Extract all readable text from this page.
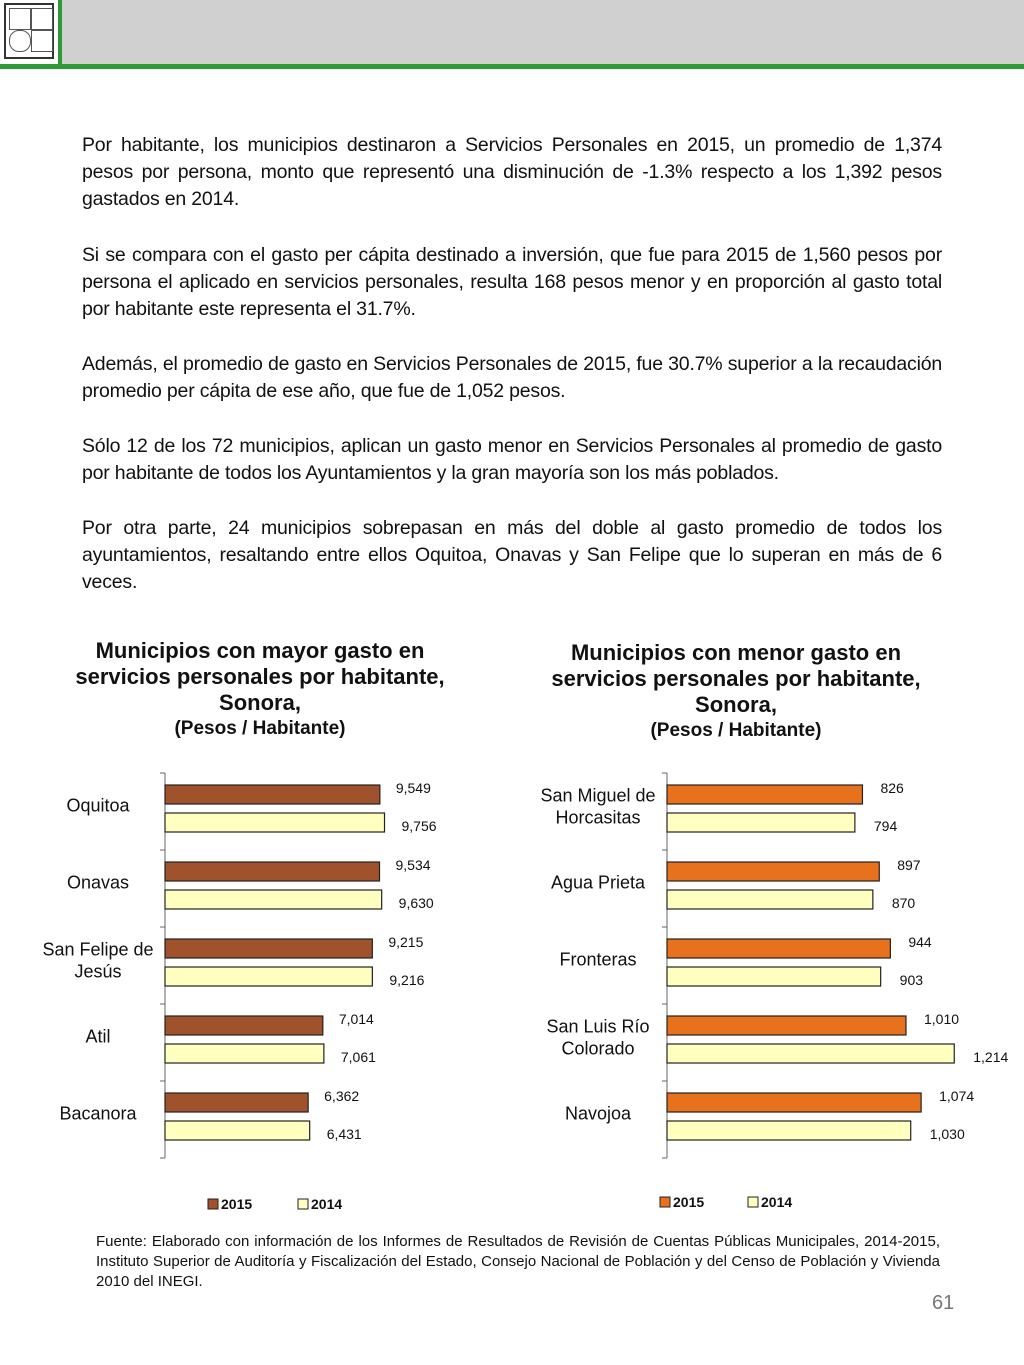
Por habitante, los municipios destinaron a Servicios Personales en 2015, un promedio de 1,374 pesos por persona, monto que representó una disminución de -1.3% respecto a los 1,392 pesos gastados en 2014.

Si se compara con el gasto per cápita destinado a inversión, que fue para 2015 de 1,560 pesos por persona el aplicado en servicios personales, resulta 168 pesos menor y en proporción al gasto total por habitante este representa el 31.7%.

Además, el promedio de gasto en Servicios Personales de 2015, fue 30.7% superior a la recaudación promedio per cápita de ese año, que fue de 1,052 pesos.

Sólo 12 de los 72 municipios, aplican un gasto menor en Servicios Personales al promedio de gasto por habitante de todos los Ayuntamientos y la gran mayoría son los más poblados.

Por otra parte, 24 municipios sobrepasan en más del doble al gasto promedio de todos los ayuntamientos, resaltando entre ellos Oquitoa, Onavas y San Felipe que lo superan en más de 6 veces.

Municipios con mayor gasto en
servicios personales por habitante,
Sonora,
(Pesos / Habitante)
Municipios con menor gasto en
servicios personales por habitante,
Sonora,
(Pesos / Habitante)
9,549
9,756
Oquitoa
9,534
9,630
Onavas
9,215
9,216
San Felipe de
Jesús
7,014
7,061
Atil
6,362
6,431
Bacanora
2015	2014
826
794
San Miguel de
Horcasitas
897
870
Agua Prieta
944
903
Fronteras
1,010
1,214
San Luis Río
Colorado
1,074
1,030
Navojoa
2015	2014
Fuente: Elaborado con información de los Informes de Resultados de Revisión de Cuentas Públicas Municipales, 2014-2015, Instituto Superior de Auditoría y Fiscalización del Estado, Consejo Nacional de Población y del Censo de Población y Vivienda 2010 del INEGI.
61
